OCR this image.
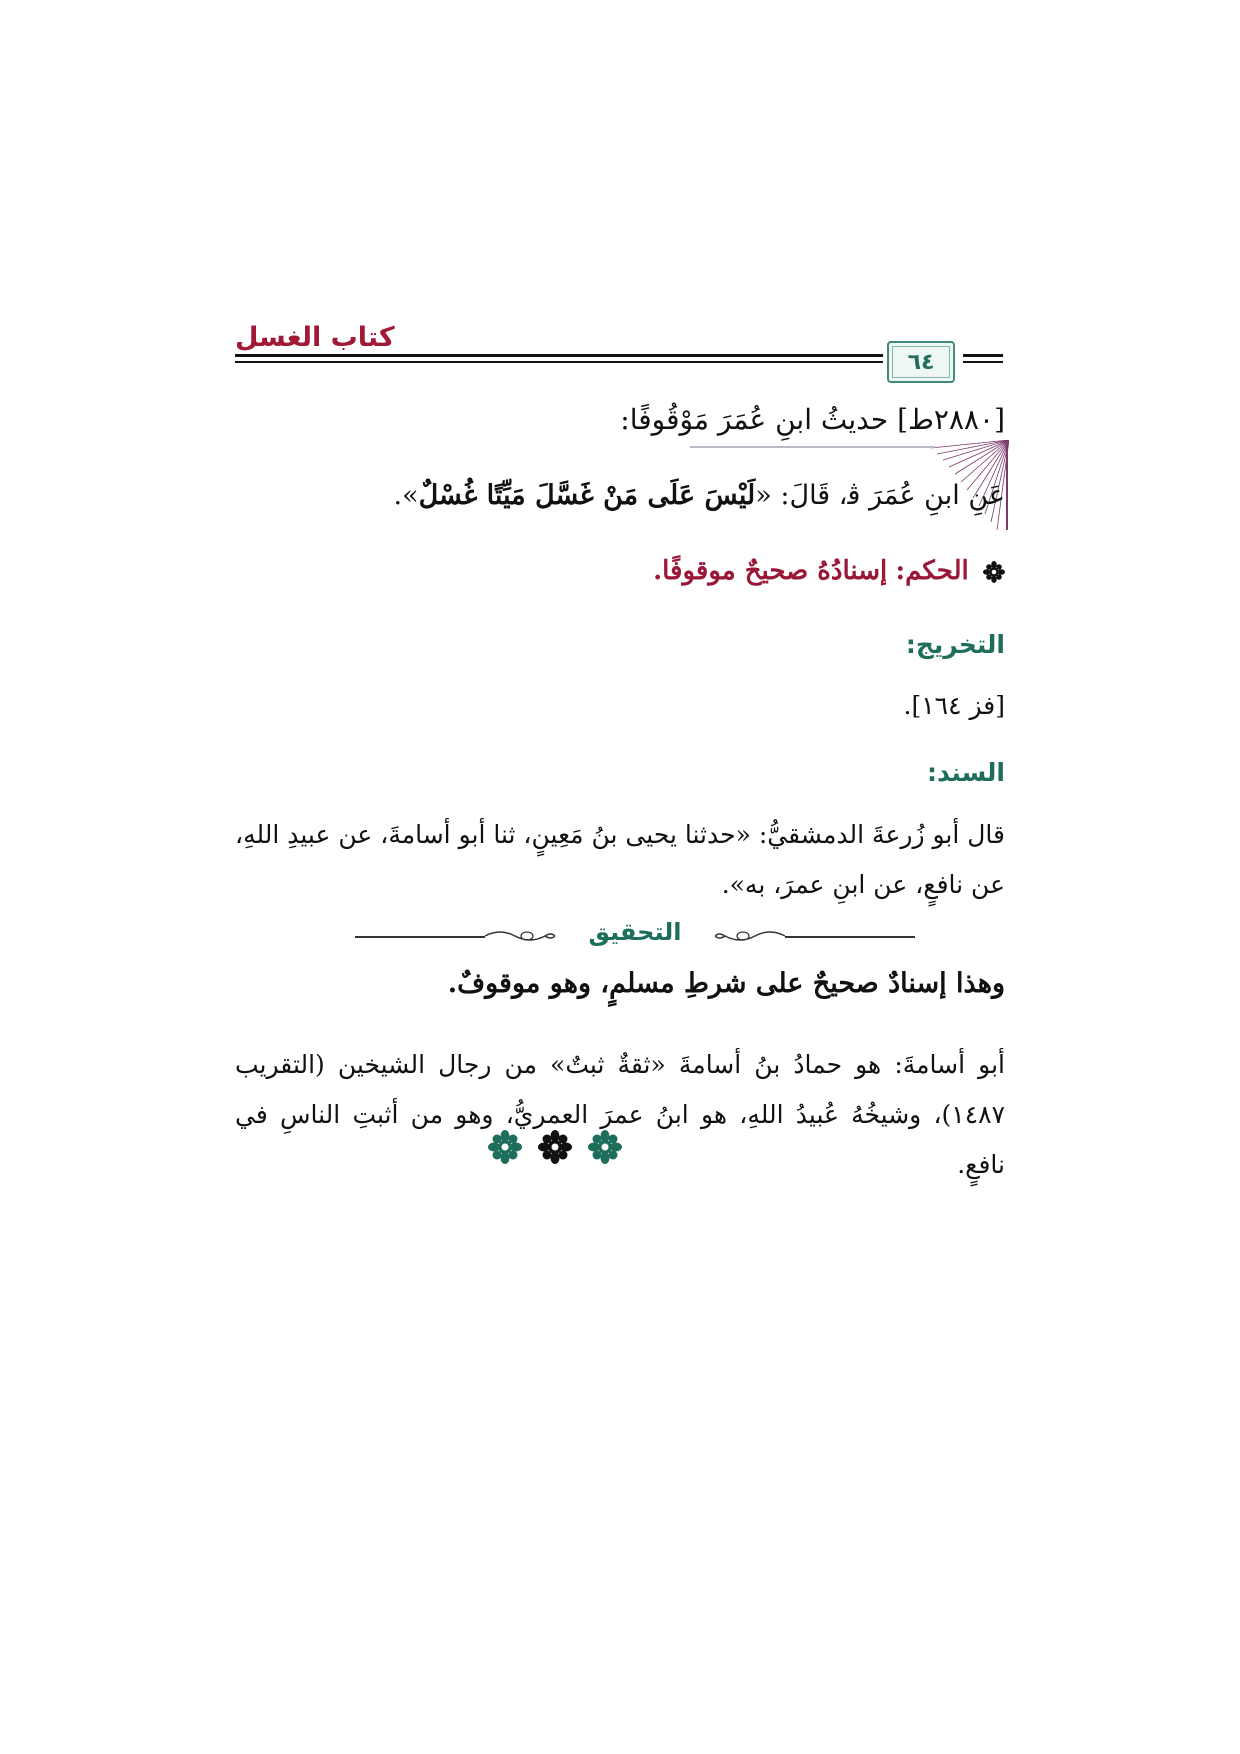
كتاب الغسل
٦٤
[٢٨٨٠ط] حديثُ ابنِ عُمَرَ مَوْقُوفًا:
عَنِ ابنِ عُمَرَ ﭬ، قَالَ: «لَيْسَ عَلَى مَنْ غَسَّلَ مَيِّتًا غُسْلٌ».
الحكم: إسنادُهُ صحيحٌ موقوفًا.
التخريج:
[فز ١٦٤].
السند:
قال أبو زُرعةَ الدمشقيُّ: «حدثنا يحيى بنُ مَعِينٍ، ثنا أبو أسامةَ، عن عبيدِ اللهِ، عن نافعٍ، عن ابنِ عمرَ، به».
التحقيق
وهذا إسنادٌ صحيحٌ على شرطِ مسلمٍ، وهو موقوفٌ.
أبو أسامةَ: هو حمادُ بنُ أسامةَ «ثقةٌ ثبتٌ» من رجال الشيخين (التقريب ١٤٨٧)، وشيخُهُ عُبيدُ اللهِ، هو ابنُ عمرَ العمريُّ، وهو من أثبتِ الناسِ في نافعٍ.
